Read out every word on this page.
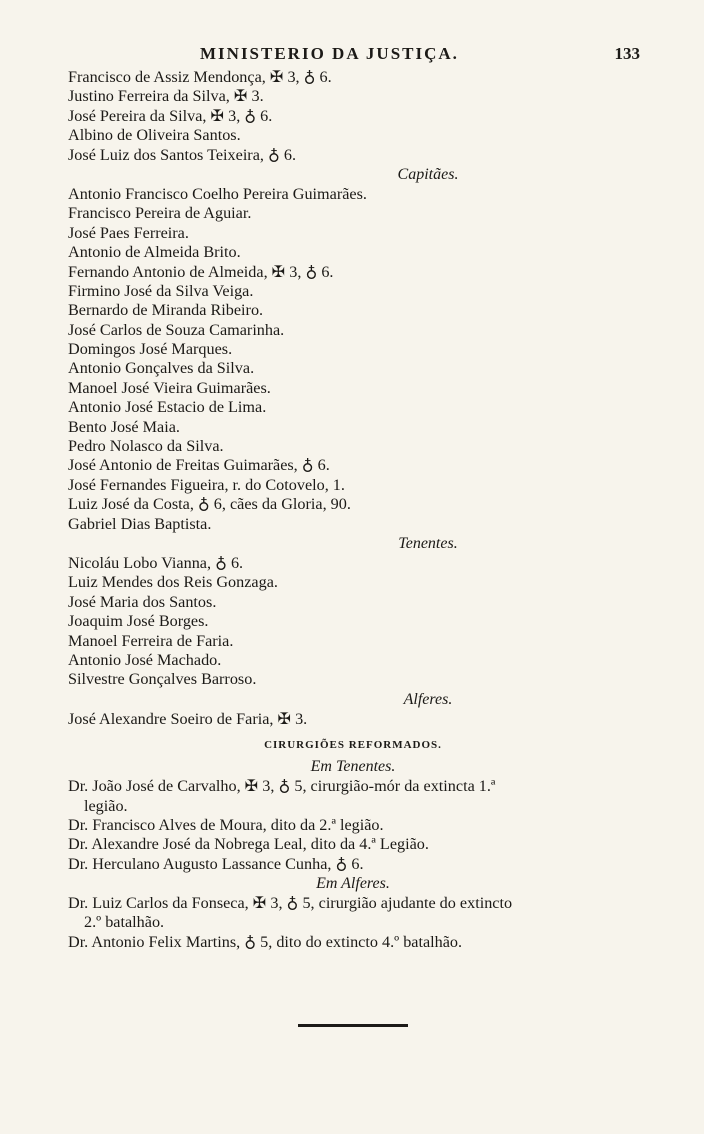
MINISTERIO DA JUSTIÇA.	133
Francisco de Assiz Mendonça, ✠ 3, ♁ 6.
Justino Ferreira da Silva, ✠ 3.
José Pereira da Silva, ✠ 3, ♁ 6.
Albino de Oliveira Santos.
José Luiz dos Santos Teixeira, ♁ 6.
Capitães.
Antonio Francisco Coelho Pereira Guimarães.
Francisco Pereira de Aguiar.
José Paes Ferreira.
Antonio de Almeida Brito.
Fernando Antonio de Almeida, ✠ 3, ♁ 6.
Firmino José da Silva Veiga.
Bernardo de Miranda Ribeiro.
José Carlos de Souza Camarinha.
Domingos José Marques.
Antonio Gonçalves da Silva.
Manoel José Vieira Guimarães.
Antonio José Estacio de Lima.
Bento José Maia.
Pedro Nolasco da Silva.
José Antonio de Freitas Guimarães, ♁ 6.
José Fernandes Figueira, r. do Cotovelo, 1.
Luiz José da Costa, ♁ 6, cães da Gloria, 90.
Gabriel Dias Baptista.
Tenentes.
Nicoláu Lobo Vianna, ♁ 6.
Luiz Mendes dos Reis Gonzaga.
José Maria dos Santos.
Joaquim José Borges.
Manoel Ferreira de Faria.
Antonio José Machado.
Silvestre Gonçalves Barroso.
Alferes.
José Alexandre Soeiro de Faria, ✠ 3.
CIRURGIÕES REFORMADOS.
Em Tenentes.
Dr. João José de Carvalho, ✠ 3, ♁ 5, cirurgião-mór da extincta 1.ª
legião.
Dr. Francisco Alves de Moura, dito da 2.ª legião.
Dr. Alexandre José da Nobrega Leal, dito da 4.ª Legião.
Dr. Herculano Augusto Lassance Cunha, ♁ 6.
Em Alferes.
Dr. Luiz Carlos da Fonseca, ✠ 3, ♁ 5, cirurgião ajudante do extincto
2.º batalhão.
Dr. Antonio Felix Martins, ♁ 5, dito do extincto 4.º batalhão.
